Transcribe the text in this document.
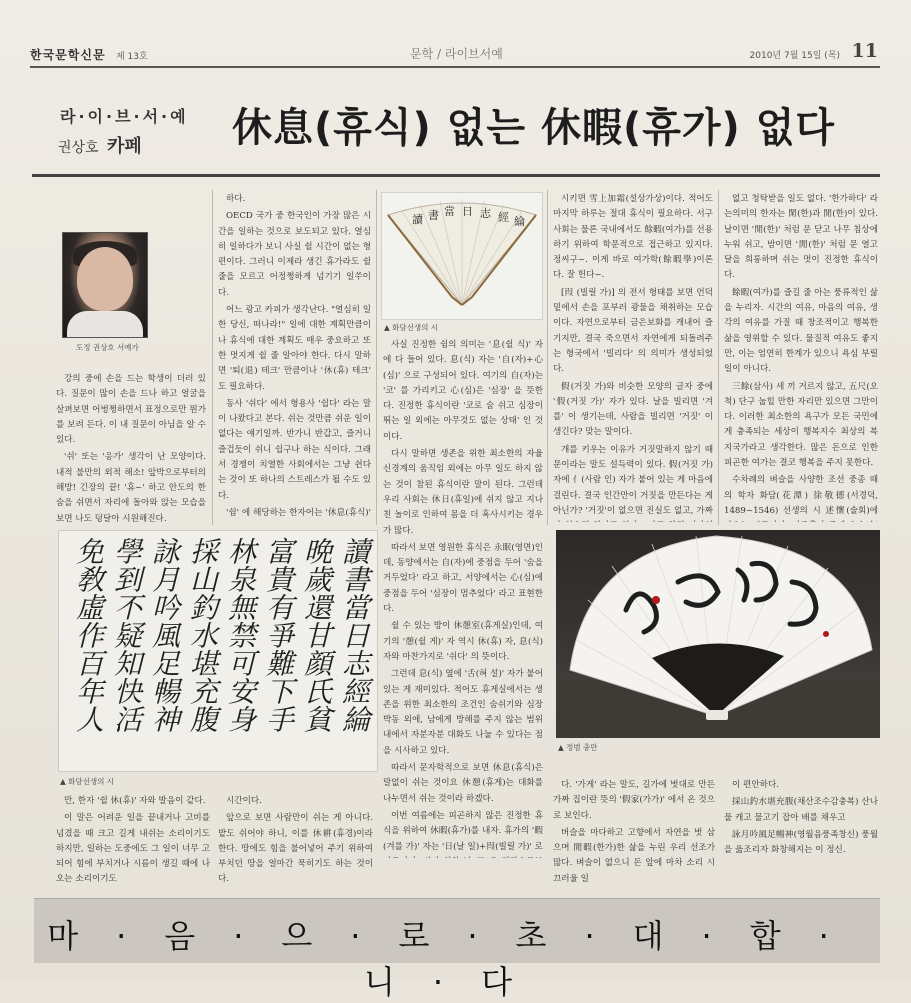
한국문학신문 제 13호	문학 / 라이브서예	2010년 7월 15일 (목) 11
라·이·브·서·예
권상호 카페 休息(휴식) 없는 休暇(휴가) 없다
도정 권상호 서예가

강의 중에 손을 드는 학생이 더러 있다. 질문이 많이 손을 드나 하고 얼굴을 살펴보면 어벙쩡하면서 표정으로만 뭔가를 보려 든다. 이 내 질문이 아님을 알 수 있다.

'쉬' 또는 '응가' 생각이 난 모양이다. 내적 불만의 외적 해소! 앞박으로부터의 해방! 긴장의 끝! '휴~' 하고 안도의 한숨을 쉬면서 자리에 돌아와 앉는 모습을 보면 나도 덩달아 시원해진다.

하다.

OECD 국가 중 한국인이 가장 많은 시간을 일하는 것으로 보도되고 있다. 열심히 일하다가 보니 사실 쉴 시간이 없는 형편이다. 그러니 이제라 생긴 휴가라도 쉴 줄을 모르고 어정쩡하게 넘기기 일쑤이다.

어느 광고 카피가 생각난다. "열심히 일한 당신, 떠나라!" 일에 대한 계획만큼이나 휴식에 대한 계획도 매우 중요하고 또한 멋지게 쉴 줄 알아야 한다. 다시 말하면 '퇴(退) 테크' 만큼이나 '休(휴) 테크' 도 필요하다.

동사 '쉬다' 에서 형용사 '쉽다' 라는 말이 나왔다고 본다. 쉬는 것만큼 쉬운 일이 없다는 얘기일까. 반가니 반갑고, 즐거니 즐겁듯이 쉬니 쉽구나 하는 식이다. 그래서 경쟁이 치열한 사회에서는 그냥 쉰다는 것이 또 하나의 스트레스가 될 수도 있다.

'쉼' 에 해당하는 한자어는 '休息(휴식)'

讀 書 當 日 志 經 綸
▲ 화담선생의 시

사실 진정한 쉼의 의미는 '息(쉴 식)' 자에 다 들어 있다. 息(식) 자는 '自(자)+心(심)' 으로 구성되어 있다. 여기의 自(자)는 '코' 를 가리키고 心(심)은 '심장' 을 뜻한다. 진정한 휴식이란 '코로 숨 쉬고 심장이 뛰는 일 외에는 아무것도 없는 상태' 인 것이다.

다시 말하면 생존을 위한 최소한의 자율신경계의 움직임 외에는 아무 일도 하지 않는 것이 참된 휴식이란 말이 된다. 그런데 우리 사회는 休日(휴일)에 쉬지 않고 지나친 놀이로 인하여 몸을 더 혹사시키는 경우가 많다.

따라서 보면 영원한 휴식은 永眠(영면)인데, 동양에서는 自(자)에 중점을 두어 '숨을 거두었다' 라고 하고, 서양에서는 心(심)에 중점을 두어 '심장이 멈추었다' 라고 표현한다.

쉴 수 있는 방이 休憩室(휴게실)인데, 여기의 '憩(쉴 게)' 자 역시 休(휴) 자, 息(식) 자와 마찬가지로 '쉬다' 의 뜻이다.

그런데 息(식) 옆에 '舌(혀 설)' 자가 붙어 있는 게 재미있다. 적어도 휴게실에서는 생존을 위한 최소한의 조건인 숨쉬기와 심장 박동 외에, 남에게 방해를 주지 않는 범위 내에서 자분자분 대화도 나눌 수 있다는 점을 시사하고 있다.

따라서 문자학적으로 보면 休息(휴식)은 말없이 쉬는 것이요 休憩(휴게)는 대화를 나누면서 쉬는 것이라 하겠다.

이번 여름에는 피곤하지 않은 진정한 휴식을 위하여 休暇(휴가)를 내자. 휴가의 '暇(겨를 가)' 자는 '日(날 일)+叚(빌릴 가)' 로

시키면 雪上加霜(설상가상)이다. 적어도 마지막 하루는 절대 휴식이 필요하다. 서구 사회는 물론 국내에서도 餘暇(여가)를 선용하기 위하여 학문적으로 접근하고 있지다. 정씨구~. 이게 바로 여가학(餘暇學)이론다. 잘 헌다~.

[叚 (빌릴 가)] 의 전서 형태를 보면 언덕 밑에서 손을 포부러 광물을 채취하는 모습이다. 자연으로부터 금은보화를 캐내어 즐기지만, 결국 죽으면서 자연에게 되돌려주는 형국에서 '빌리다' 의 의미가 생성되었다.

假(거짓 가)와 비슷한 모양의 글자 중에 '假(거짓 가)' 자가 있다. 날을 빌리면 '겨를' 이 생기는데, 사람을 빌리면 '거짓' 이 생긴다? 맞는 말이다.

개를 키우는 이유가 거짓말하지 않기 때문이라는 말도 설득력이 있다. 假(거짓 가) 자에 亻(사람 인) 자가 붙어 있는 게 마음에 걸린다. 결국 인간만이 거짓을 만든다는 게 아닌가? '거짓'이 없으면 진실도 없고, 가짜

없고 청탁받을 일도 없다. '한가하다' 라는의미의 한자는 閑(한)과 閒(한)이 있다. 날이면 '閒(한)' 처럼 문 닫고 나무 침상에 누워 쉬고, 밤이면 '閒(한)' 처럼 문 열고 달을 희롱하며 쉬는 멋이 진정한 휴식이다.

餘暇(여가)를 즐길 줄 아는 풍류적인 삶을 누리자. 시간의 여유, 마음의 여유, 생각의 여유를 가질 때 창조적이고 행복한 삶을 영위할 수 있다. 물질적 여유도 좋지만, 이는 엄연히 한계가 있으니 욕심 부릴 일이 아니다.

三餘(삼사) 세 끼 거르지 않고, 五尺(오척) 단구 눕힐 만한 자리만 있으면 그만이다. 이러한 최소한의 욕구가 모든 국민에게 충족되는 세상이 행복지수 최상의 복지국가라고 생각한다. 많은 돈으로 인한 피곤한 여가는 결코 행복을 주지 못한다.

수차례의 벼슬을 사양한 조선 중종 때의 학자 화담(花潭) 徐敬德(서경덕, 1489~1546) 선생의 시 述懷(술회)에

讀書當日志經綸
晩歲還甘顔氏貧
富貴有爭難下手
林泉無禁可安身
採山釣水堪充腹
詠月吟風足暢神
學到不疑知快活
免敎虛作百年人
▲ 화담선생의 시

만, 한자 '쉴 休(휴)' 자와 발음이 같다.

이 말은 어려운 일을 끝내거나 고비를 넘겼을 때 크고 길게 내쉬는 소리이기도 하지만, 일하는 도중에도 그 일이 너무 고되어 힘에 부치거나 시름이 생길 때에 나오는 소리이기도

시간이다.

앞으로 보면 사람만이 쉬는 게 아니다. 밭도 쉬어야 하니, 이를 休耕(휴경)이라 한다. 땅에도 힘을 불어넣어 주기 위하여 부치던 땅을 얼마간 묵히기도 하는 것이다.

▲ 정범 충만

다. '가게' 라는 말도, 길가에 벗대로 만든 가짜 집이란 뜻의 '假家(가가)' 에서 온 것으로 보인다.

버슬을 마다하고 고향에서 자연을 벗 삼으며 閒暇(한가)한 삶을 누린 우리 선조가 많다. 벼슬이 없으니 돈 앞에 마차 소리 시끄러울 일

이 편안하다.

採山釣水堪充腹(채산조수감충복) 산나물 캐고 물고기 잡아 배를 채우고

詠月吟風足暢神(영월음풍족창신) 풍월을 읊조리자 화창해지는 이 정신.

마·음·으·로·초·대·합·니·다
